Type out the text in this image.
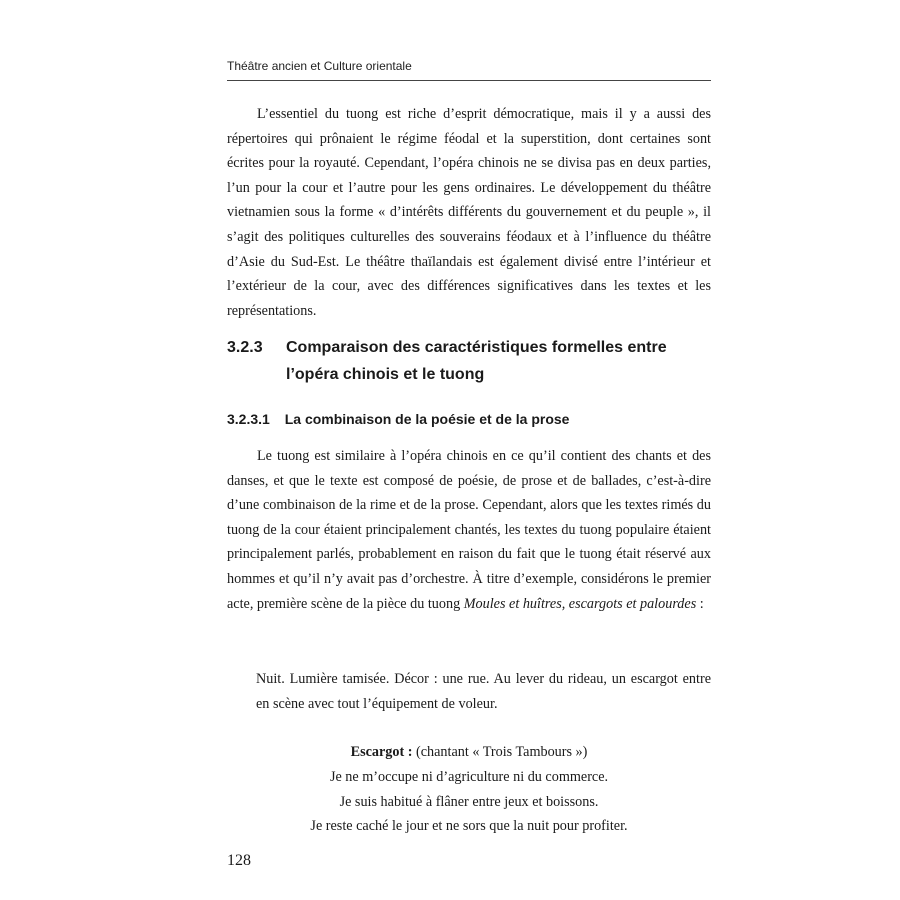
Théâtre ancien et Culture orientale

L’essentiel du tuong est riche d’esprit démocratique, mais il y a aussi des répertoires qui prônaient le régime féodal et la superstition, dont certaines sont écrites pour la royauté. Cependant, l’opéra chinois ne se divisa pas en deux parties, l’un pour la cour et l’autre pour les gens ordinaires. Le développement du théâtre vietnamien sous la forme « d’intérêts différents du gouvernement et du peuple », il s’agit des politiques culturelles des souverains féodaux et à l’influence du théâtre d’Asie du Sud-Est. Le théâtre thaïlandais est également divisé entre l’intérieur et l’extérieur de la cour, avec des différences significatives dans les textes et les représentations.

3.2.3	Comparaison des caractéristiques formelles entre l’opéra chinois et le tuong
3.2.3.1 La combinaison de la poésie et de la prose

Le tuong est similaire à l’opéra chinois en ce qu’il contient des chants et des danses, et que le texte est composé de poésie, de prose et de ballades, c’est-à-dire d’une combinaison de la rime et de la prose. Cependant, alors que les textes rimés du tuong de la cour étaient principalement chantés, les textes du tuong populaire étaient principalement parlés, probablement en raison du fait que le tuong était réservé aux hommes et qu’il n’y avait pas d’orchestre. À titre d’exemple, considérons le premier acte, première scène de la pièce du tuong Moules et huîtres, escargots et palourdes :

Nuit. Lumière tamisée. Décor : une rue. Au lever du rideau, un escargot entre en scène avec tout l’équipement de voleur.

Escargot : (chantant « Trois Tambours »)
Je ne m’occupe ni d’agriculture ni du commerce.
Je suis habitué à flâner entre jeux et boissons.
Je reste caché le jour et ne sors que la nuit pour profiter.
128
